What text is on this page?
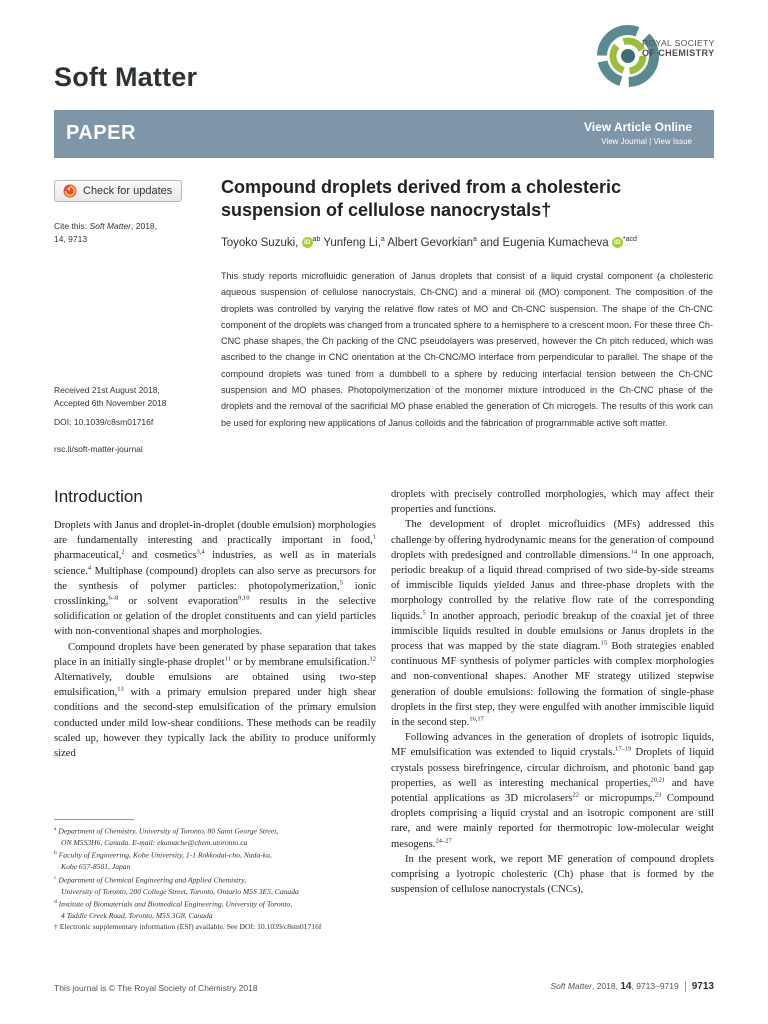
Soft Matter
ROYAL SOCIETY
OF CHEMISTRY
PAPER	View Article Online
View Journal | View Issue
Check for updates
Cite this: Soft Matter, 2018,
14, 9713
Received 21st August 2018,
Accepted 6th November 2018
DOI: 10.1039/c8sm01716f
rsc.li/soft-matter-journal
Compound droplets derived from a cholesteric suspension of cellulose nanocrystals†
Toyoko Suzuki, iD $^{ab}$ Yunfeng Li,$^a$ Albert Gevorkian$^a$ and Eugenia Kumacheva iD $^{*acd}$
This study reports microfluidic generation of Janus droplets that consist of a liquid crystal component (a cholesteric aqueous suspension of cellulose nanocrystals, Ch-CNC) and a mineral oil (MO) component. The composition of the droplets was controlled by varying the relative flow rates of MO and Ch-CNC suspension. The shape of the Ch-CNC component of the droplets was changed from a truncated sphere to a hemisphere to a crescent moon. For these three Ch-CNC phase shapes, the Ch packing of the CNC pseudolayers was preserved, however the Ch pitch reduced, which was ascribed to the change in CNC orientation at the Ch-CNC/MO interface from perpendicular to parallel. The shape of the compound droplets was tuned from a dumbbell to a sphere by reducing interfacial tension between the Ch-CNC suspension and MO phases. Photopolymerization of the monomer mixture introduced in the Ch-CNC phase of the droplets and the removal of the sacrificial MO phase enabled the generation of Ch microgels. The results of this work can be used for exploring new applications of Janus colloids and the fabrication of programmable active soft matter.
Introduction

Droplets with Janus and droplet-in-droplet (double emulsion) morphologies are fundamentally interesting and practically important in food,$^1$ pharmaceutical,$^2$ and cosmetics$^{3,4}$ industries, as well as in materials science.$^4$ Multiphase (compound) droplets can also serve as precursors for the synthesis of polymer particles: photopolymerization,$^5$ ionic crosslinking,$^{6-8}$ or solvent evaporation$^{9,10}$ results in the selective solidification or gelation of the droplet constituents and can yield particles with non-conventional shapes and morphologies.

Compound droplets have been generated by phase separation that takes place in an initially single-phase droplet$^{11}$ or by membrane emulsification.$^{12}$ Alternatively, double emulsions are obtained using two-step emulsification,$^{13}$ with a primary emulsion prepared under high shear conditions and the second-step emulsification of the primary emulsion conducted under mild low-shear conditions. These methods can be readily scaled up, however they typically lack the ability to produce uniformly sized

droplets with precisely controlled morphologies, which may affect their properties and functions.

The development of droplet microfluidics (MFs) addressed this challenge by offering hydrodynamic means for the generation of compound droplets with predesigned and controllable dimensions.$^{14}$ In one approach, periodic breakup of a liquid thread comprised of two side-by-side streams of immiscible liquids yielded Janus and three-phase droplets with the morphology controlled by the relative flow rate of the corresponding liquids.$^5$ In another approach, periodic breakup of the coaxial jet of three immiscible liquids resulted in double emulsions or Janus droplets in the process that was mapped by the state diagram.$^{15}$ Both strategies enabled continuous MF synthesis of polymer particles with complex morphologies and non-conventional shapes. Another MF strategy utilized stepwise generation of double emulsions: following the formation of single-phase droplets in the first step, they were engulfed with another immiscible liquid in the second step.$^{16,17}$

Following advances in the generation of droplets of isotropic liquids, MF emulsification was extended to liquid crystals.$^{17-19}$ Droplets of liquid crystals possess birefringence, circular dichroism, and photonic band gap properties, as well as interesting mechanical properties,$^{20,21}$ and have potential applications as 3D microlasers$^{22}$ or micropumps.$^{23}$ Compound droplets comprising a liquid crystal and an isotropic component are still rare, and were mainly reported for thermotropic low-molecular weight mesogens.$^{24-27}$

In the present work, we report MF generation of compound droplets comprising a lyotropic cholesteric (Ch) phase that is formed by the suspension of cellulose nanocrystals (CNCs),

$^a$ Department of Chemistry, University of Toronto, 80 Saint George Street,
ON M5S3H6, Canada. E-mail: ekumache@chem.utoronto.ca
$^b$ Faculty of Engineering, Kobe University, 1-1 Rokkodai-cho, Nada-ku,
Kobe 657-8501, Japan
$^c$ Department of Chemical Engineering and Applied Chemistry,
University of Toronto, 200 College Street, Toronto, Ontario M5S 3E5, Canada
$^d$ Institute of Biomaterials and Biomedical Engineering, University of Toronto,
4 Taddle Creek Road, Toronto, M5S 3G8, Canada
† Electronic supplementary information (ESI) available. See DOI: 10.1039/c8sm01716f
This journal is © The Royal Society of Chemistry 2018	Soft Matter, 2018, 14, 9713–9719 9713
